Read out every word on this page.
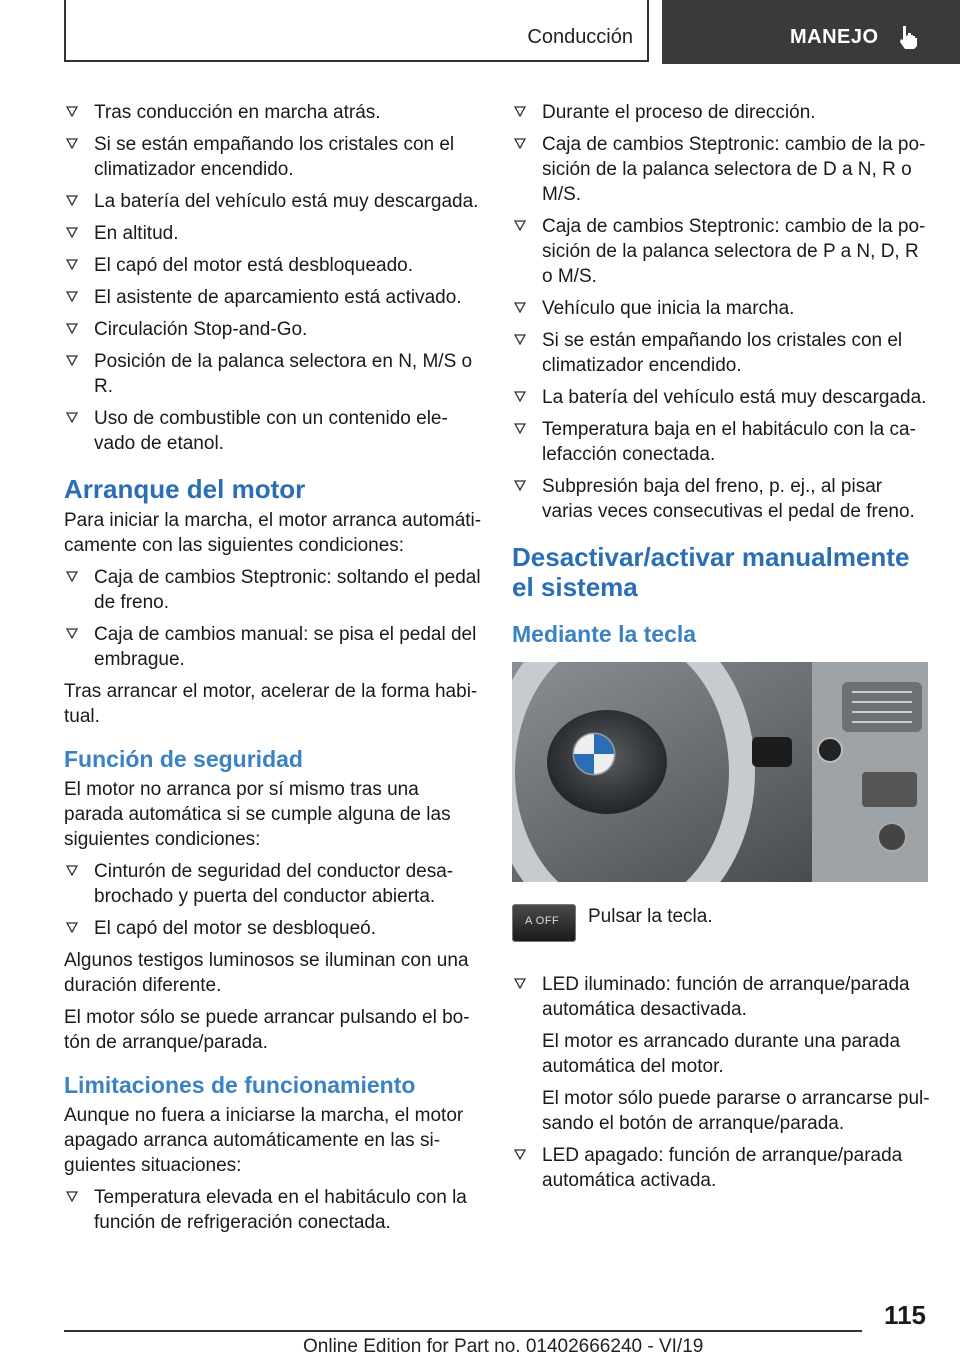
Conducción	MANEJO
Tras conducción en marcha atrás.
Si se están empañando los cristales con el climatizador encendido.
La batería del vehículo está muy descargada.
En altitud.
El capó del motor está desbloqueado.
El asistente de aparcamiento está activado.
Circulación Stop-and-Go.
Posición de la palanca selectora en N, M/S o R.
Uso de combustible con un contenido elevado de etanol.
Arranque del motor

Para iniciar la marcha, el motor arranca automáticamente con las siguientes condiciones:

Caja de cambios Steptronic: soltando el pedal de freno.
Caja de cambios manual: se pisa el pedal del embrague.

Tras arrancar el motor, acelerar de la forma habitual.

Función de seguridad

El motor no arranca por sí mismo tras una parada automática si se cumple alguna de las siguientes condiciones:

Cinturón de seguridad del conductor desabrochado y puerta del conductor abierta.
El capó del motor se desbloqueó.

Algunos testigos luminosos se iluminan con una duración diferente.

El motor sólo se puede arrancar pulsando el botón de arranque/parada.

Limitaciones de funcionamiento

Aunque no fuera a iniciarse la marcha, el motor apagado arranca automáticamente en las siguientes situaciones:

Temperatura elevada en el habitáculo con la función de refrigeración conectada.
Durante el proceso de dirección.
Caja de cambios Steptronic: cambio de la posición de la palanca selectora de D a N, R o M/S.
Caja de cambios Steptronic: cambio de la posición de la palanca selectora de P a N, D, R o M/S.
Vehículo que inicia la marcha.
Si se están empañando los cristales con el climatizador encendido.
La batería del vehículo está muy descargada.
Temperatura baja en el habitáculo con la calefacción conectada.
Subpresión baja del freno, p. ej., al pisar varias veces consecutivas el pedal de freno.
Desactivar/activar manualmente el sistema
Mediante la tecla
A OFF Pulsar la tecla.
LED iluminado: función de arranque/parada automática desactivada.

El motor es arrancado durante una parada automática del motor.

El motor sólo puede pararse o arrancarse pulsando el botón de arranque/parada.

LED apagado: función de arranque/parada automática activada.
115
Online Edition for Part no. 01402666240 - VI/19
